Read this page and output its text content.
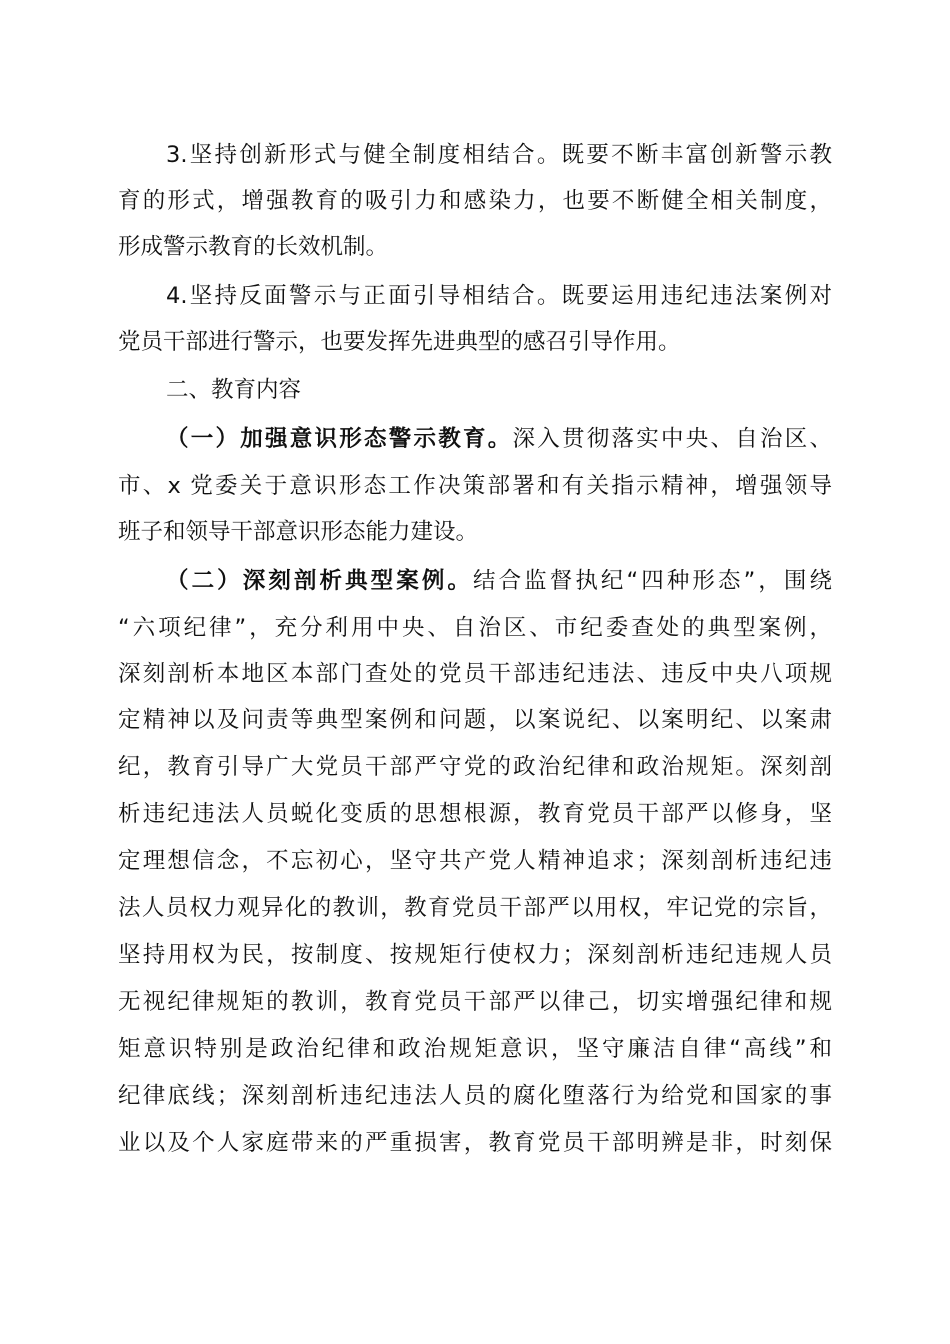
3.坚持创新形式与健全制度相结合。既要不断丰富创新警示教
育的形式，增强教育的吸引力和感染力，也要不断健全相关制度，
形成警示教育的长效机制。
4.坚持反面警示与正面引导相结合。既要运用违纪违法案例对
党员干部进行警示，也要发挥先进典型的感召引导作用。
二、教育内容
（一）加强意识形态警示教育。深入贯彻落实中央、自治区、
市、x 党委关于意识形态工作决策部署和有关指示精神，增强领导
班子和领导干部意识形态能力建设。
（二）深刻剖析典型案例。结合监督执纪“四种形态”，围绕
“六项纪律”，充分利用中央、自治区、市纪委查处的典型案例，
深刻剖析本地区本部门查处的党员干部违纪违法、违反中央八项规
定精神以及问责等典型案例和问题，以案说纪、以案明纪、以案肃
纪，教育引导广大党员干部严守党的政治纪律和政治规矩。深刻剖
析违纪违法人员蜕化变质的思想根源，教育党员干部严以修身，坚
定理想信念，不忘初心，坚守共产党人精神追求；深刻剖析违纪违
法人员权力观异化的教训，教育党员干部严以用权，牢记党的宗旨，
坚持用权为民，按制度、按规矩行使权力；深刻剖析违纪违规人员
无视纪律规矩的教训，教育党员干部严以律己，切实增强纪律和规
矩意识特别是政治纪律和政治规矩意识，坚守廉洁自律“高线”和
纪律底线；深刻剖析违纪违法人员的腐化堕落行为给党和国家的事
业以及个人家庭带来的严重损害，教育党员干部明辨是非，时刻保
